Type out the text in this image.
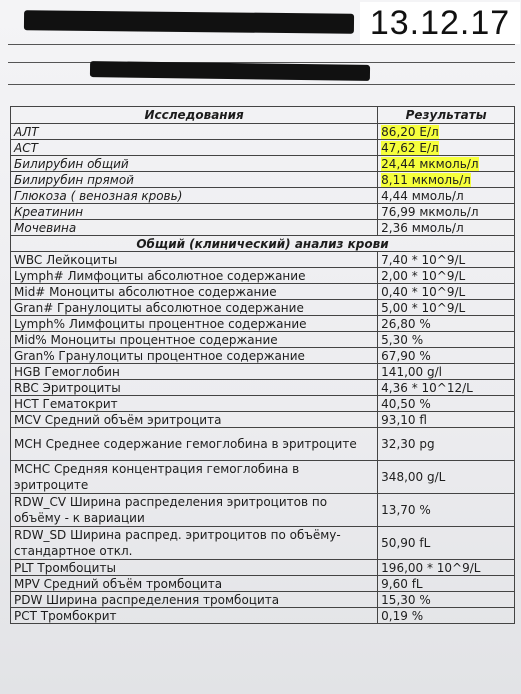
13.12.17
Исследования	Результаты
АЛТ	86,20 Е/л
АСТ	47,62 Е/л
Билирубин общий	24,44 мкмоль/л
Билирубин прямой	8,11 мкмоль/л
Глюкоза ( венозная кровь)	4,44 ммоль/л
Креатинин	76,99 мкмоль/л
Мочевина	2,36 ммоль/л
Общий (клинический) анализ крови	
WBC Лейкоциты	7,40 * 10^9/L
Lymph# Лимфоциты абсолютное содержание	2,00 * 10^9/L
Mid# Моноциты абсолютное содержание	0,40 * 10^9/L
Gran# Гранулоциты абсолютное содержание	5,00 * 10^9/L
Lymph% Лимфоциты процентное содержание	26,80 %
Mid% Моноциты процентное содержание	5,30 %
Gran% Гранулоциты процентное содержание	67,90 %
HGB Гемоглобин	141,00 g/l
RBC Эритроциты	4,36 * 10^12/L
HCT Гематокрит	40,50 %
MCV Средний объём эритроцита	93,10 fl
MCH Среднее содержание гемоглобина в эритроците	32,30 pg
MCHC Средняя концентрация гемоглобина в эритроците	348,00 g/L
RDW_CV Ширина распределения эритроцитов по объёму - к вариации	13,70 %
RDW_SD Ширина распред. эритроцитов по объёму-стандартное откл.	50,90 fL
PLT Тромбоциты	196,00 * 10^9/L
MPV Средний объём тромбоцита	9,60 fL
PDW Ширина распределения тромбоцита	15,30 %
PCT Тромбокрит	0,19 %
